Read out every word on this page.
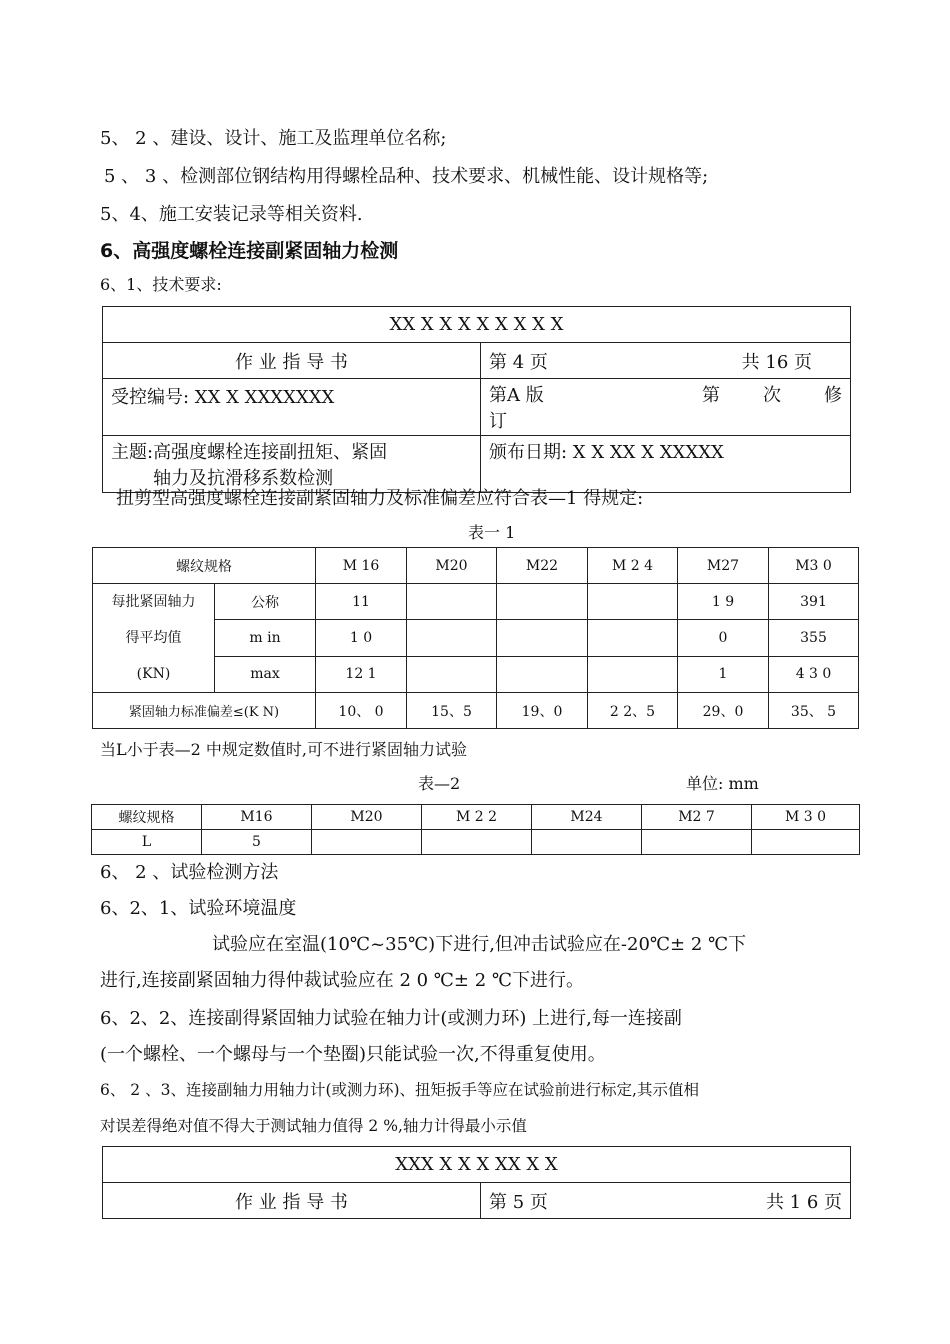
5、 2 、建设、设计、施工及监理单位名称;
5 、 3 、检测部位钢结构用得螺栓品种、技术要求、机械性能、设计规格等;
5、4、施工安装记录等相关资料.
6、高强度螺栓连接副紧固轴力检测
6、1、技术要求:
XX X X X X X X X X	
作 业 指 导 书	第 4 页 共 16 页

受控编号: XX X XXXXXXX	第A 版 第 次 修
订

主题: 高强度螺栓连接副扭矩、紧固
轴力及抗滑移系数检测	颁布日期: X X XX X XXXXX
扭剪型高强度螺栓连接副紧固轴力及标准偏差应符合表—1 得规定:
表一 1
螺纹规格		M 16	M20	M22	M 2 4	M27	M3 0

每批紧固轴力
得平均值
(KN)	公称	11				1 9	391
	m in	1 0				0	355
	max	12 1				1	4 3 0
紧固轴力标准偏差≤(K N)		10、 0	15、5	19、0	2 2、5	29、0	35、 5
当L小于表—2 中规定数值时,可不进行紧固轴力试验
表—2	单位: mm
螺纹规格	M16	M20	M 2 2	M24	M2 7	M 3 0
L	5					
6、 2 、试验检测方法
6、2、1、试验环境温度
试验应在室温(10℃~35℃)下进行,但冲击试验应在-20℃± 2 ℃下
进行,连接副紧固轴力得仲裁试验应在 2 0 ℃± 2 ℃下进行。
6、2、2、连接副得紧固轴力试验在轴力计(或测力环) 上进行,每一连接副
(一个螺栓、一个螺母与一个垫圈)只能试验一次,不得重复使用。
6、 2 、3、连接副轴力用轴力计(或测力环)、扭矩扳手等应在试验前进行标定,其示值相
对误差得绝对值不得大于测试轴力值得 2 %,轴力计得最小示值
XXX X X X XX X X
作 业 指 导 书	第 5 页	共 1 6 页
